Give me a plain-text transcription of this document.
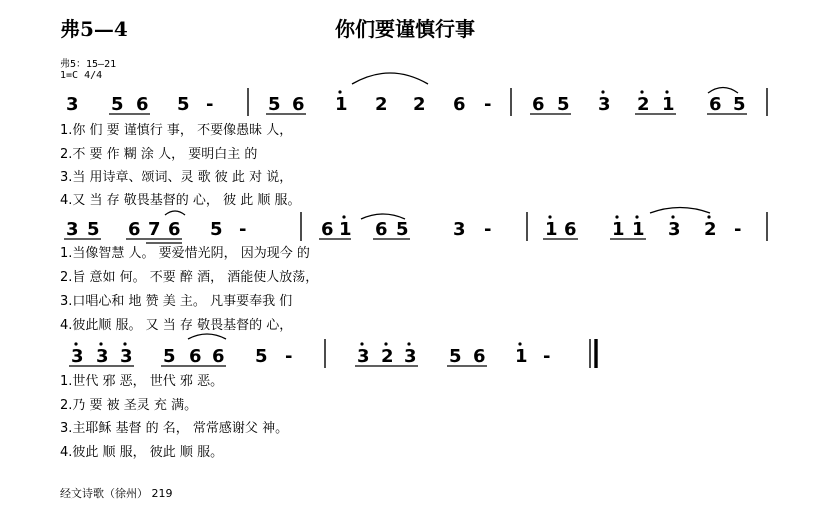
弗5—4	你们要谨慎行事
弗5：15—21
1=C 4/4
3 5 6 5 -	5 6 1 2 2 6 - 6 5 3 2 1 6 5
3 5 6 7 6 5 -	6 1 6 5 3 -	1 6 1 1 3 2 -
3 3 3 5 6 6 5 -	3 2 3 5 6 1 -
1.你 们 要 谨慎行 事， 不要像愚昧 人，
2.不 要 作 糊 涂 人， 要明白主 的
3.当 用诗章、颂词、灵 歌 彼 此 对 说，
4.又 当 存 敬畏基督的 心， 彼 此 顺 服。
1.当像智慧 人。 要爱惜光阴， 因为现今 的
2.旨 意如 何。 不要 醉 酒， 酒能使人放荡，
3.口唱心和 地 赞 美 主。 凡事要奉我 们
4.彼此顺 服。 又 当 存 敬畏基督的 心，
1.世代 邪 恶， 世代 邪 恶。
2.乃 要 被 圣灵 充 满。
3.主耶稣 基督 的 名， 常常感谢父 神。
4.彼此 顺 服， 彼此 顺 服。
3 5 6 5 - | 5 6 1 2 2 6 - | 6 5 3 2 1 6 5 |
3 5 6 7 6 5 - | 6 1 6 5 3 - | 1 6 1 1 3 2 - |
3 3 3 5 6 6 5 - | 3 2 3 5 6 1 - ||
经文诗歌（徐州） 219
